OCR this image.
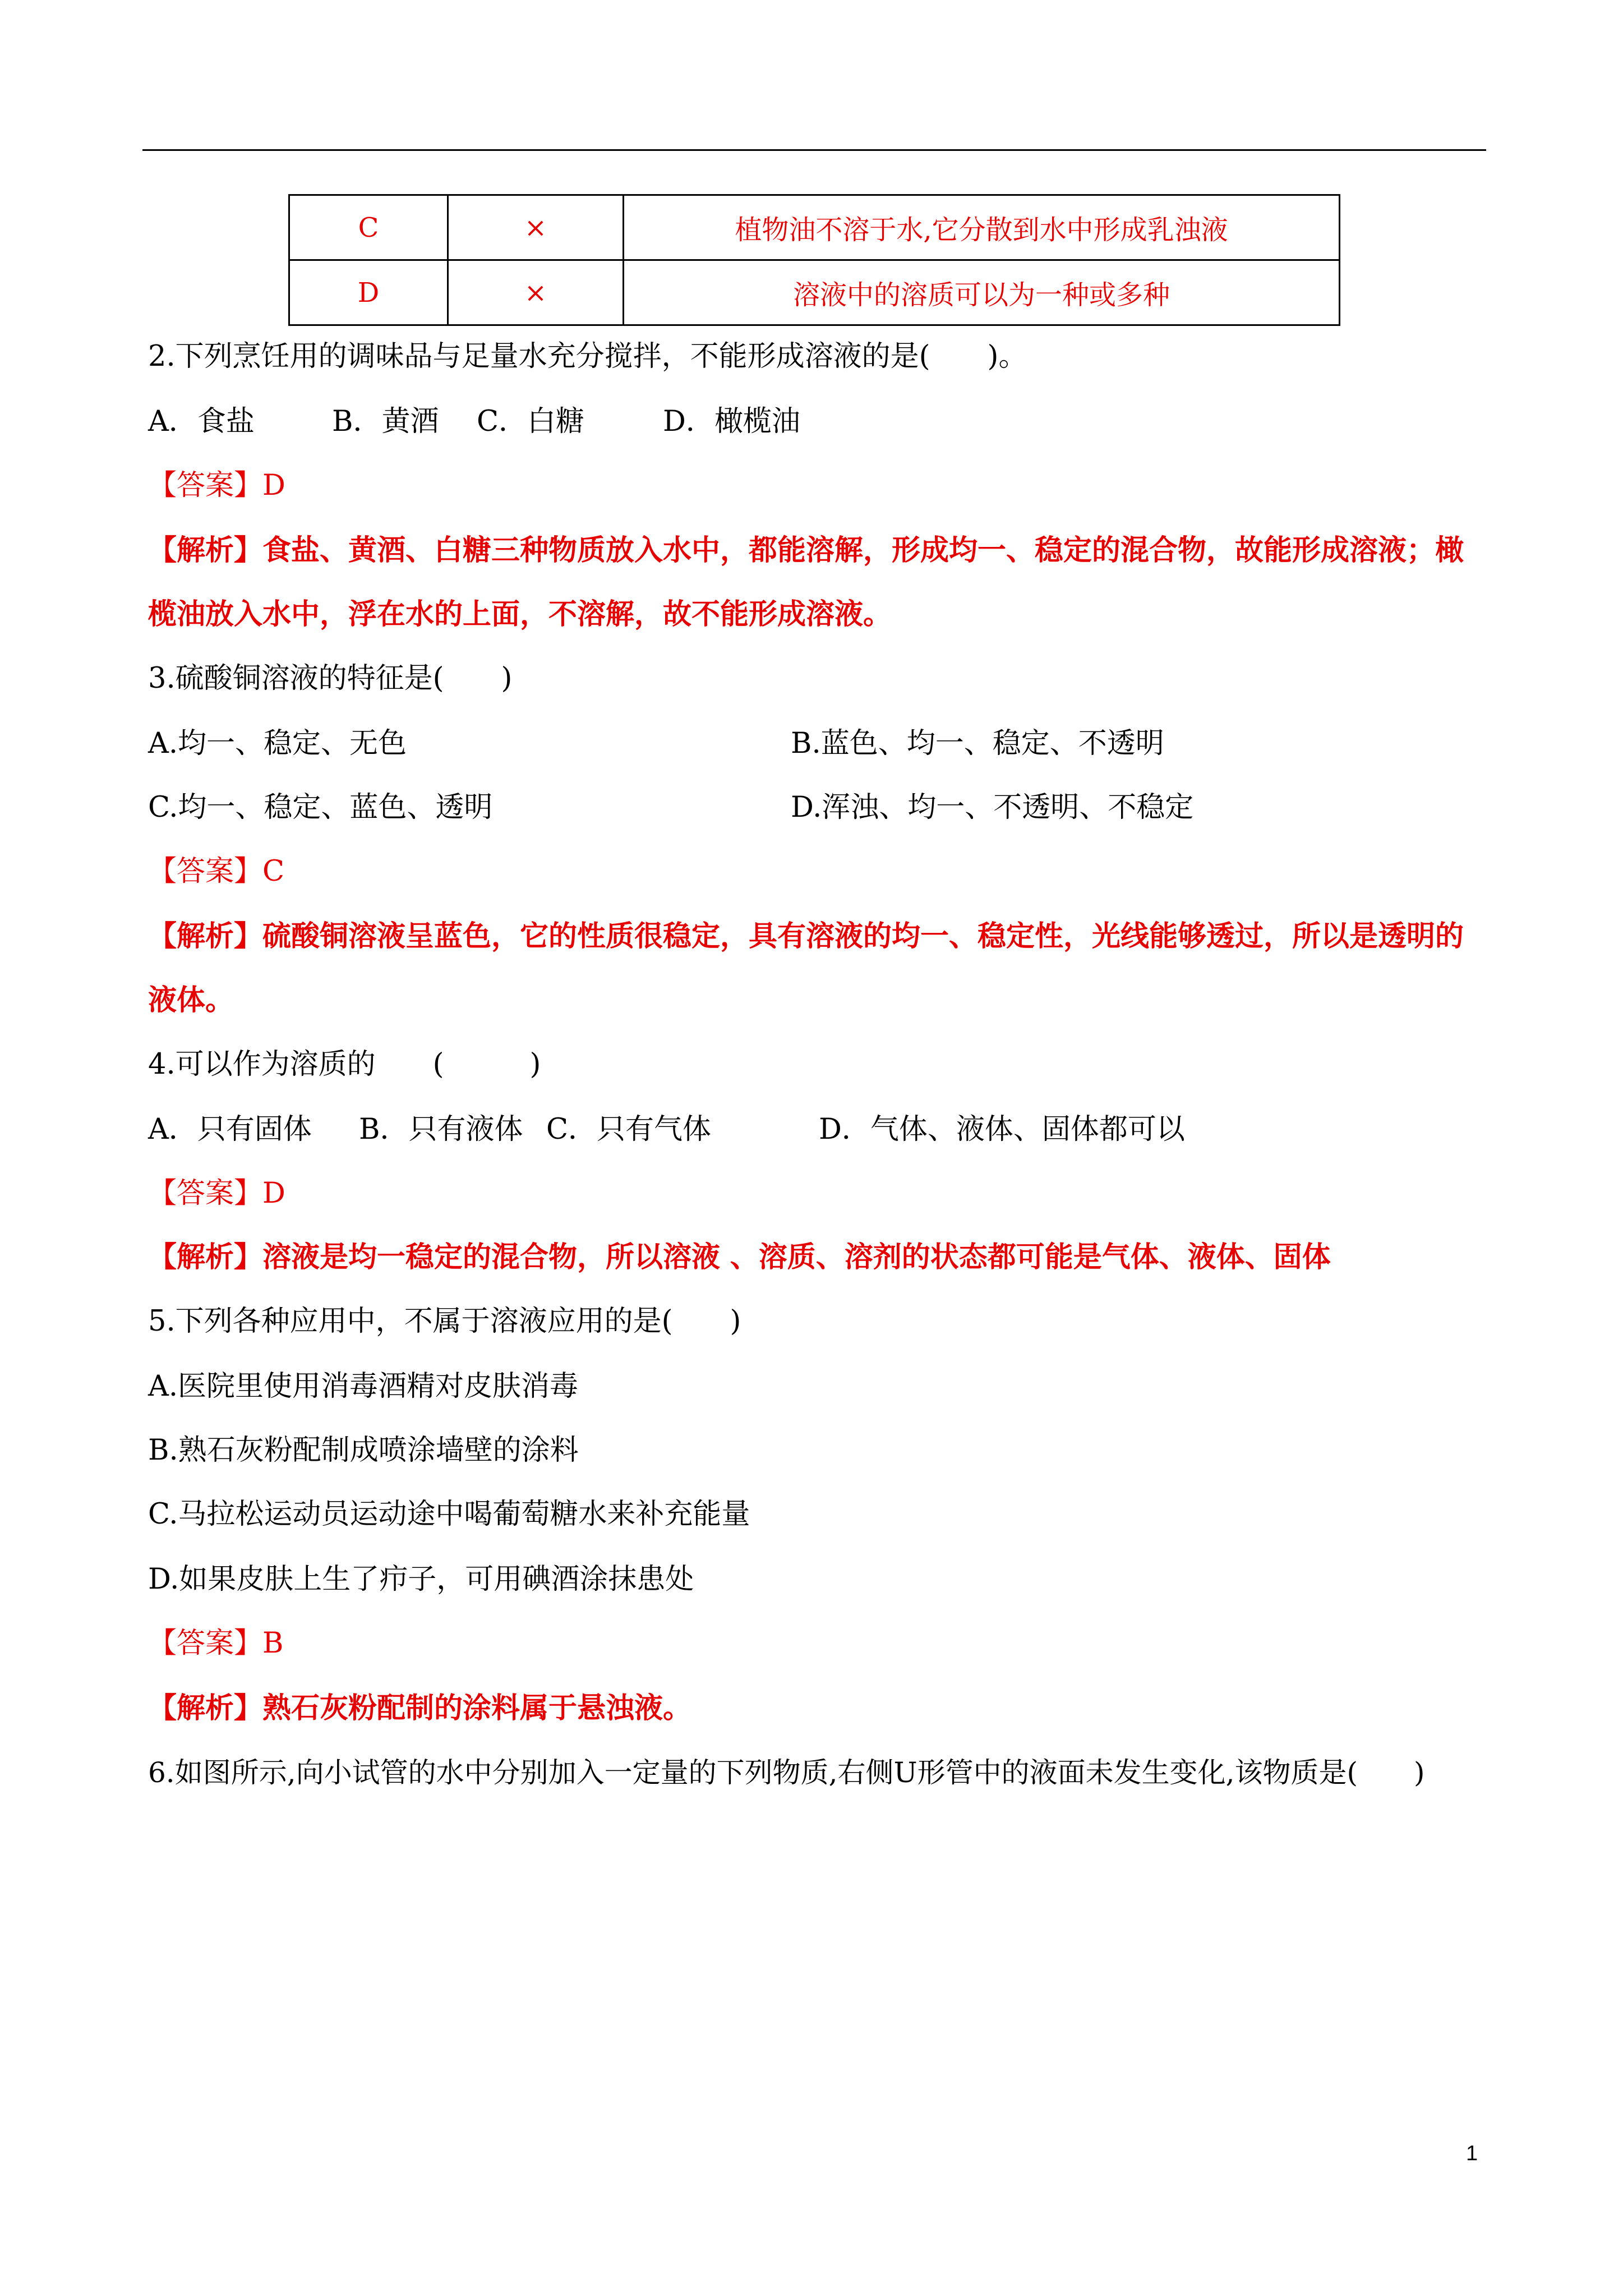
C	×	植物油不溶于水,它分散到水中形成乳浊液
D	×	溶液中的溶质可以为一种或多种
2.下列烹饪用的调味品与足量水充分搅拌，不能形成溶液的是(　　)。
A．食盐	B．黄酒 C．白糖	D．橄榄油
【答案】D
【解析】食盐、黄酒、白糖三种物质放入水中，都能溶解，形成均一、稳定的混合物，故能形成溶液；橄
榄油放入水中，浮在水的上面，不溶解，故不能形成溶液。
3.硫酸铜溶液的特征是(　　)
A.均一、稳定、无色	B.蓝色、均一、稳定、不透明
C.均一、稳定、蓝色、透明	D.浑浊、均一、不透明、不稳定
【答案】C
【解析】硫酸铜溶液呈蓝色，它的性质很稳定，具有溶液的均一、稳定性，光线能够透过，所以是透明的
液体。
4.可以作为溶质的　　(　　　)
A．只有固体 B．只有液体 C．只有气体	D．气体、液体、固体都可以
【答案】D
【解析】溶液是均一稳定的混合物，所以溶液 、溶质、溶剂的状态都可能是气体、液体、固体
5.下列各种应用中，不属于溶液应用的是(　　)
A.医院里使用消毒酒精对皮肤消毒
B.熟石灰粉配制成喷涂墙壁的涂料
C.马拉松运动员运动途中喝葡萄糖水来补充能量
D.如果皮肤上生了疖子，可用碘酒涂抹患处
【答案】B
【解析】熟石灰粉配制的涂料属于悬浊液。
6.如图所示,向小试管的水中分别加入一定量的下列物质,右侧U形管中的液面未发生变化,该物质是(　　)
1
